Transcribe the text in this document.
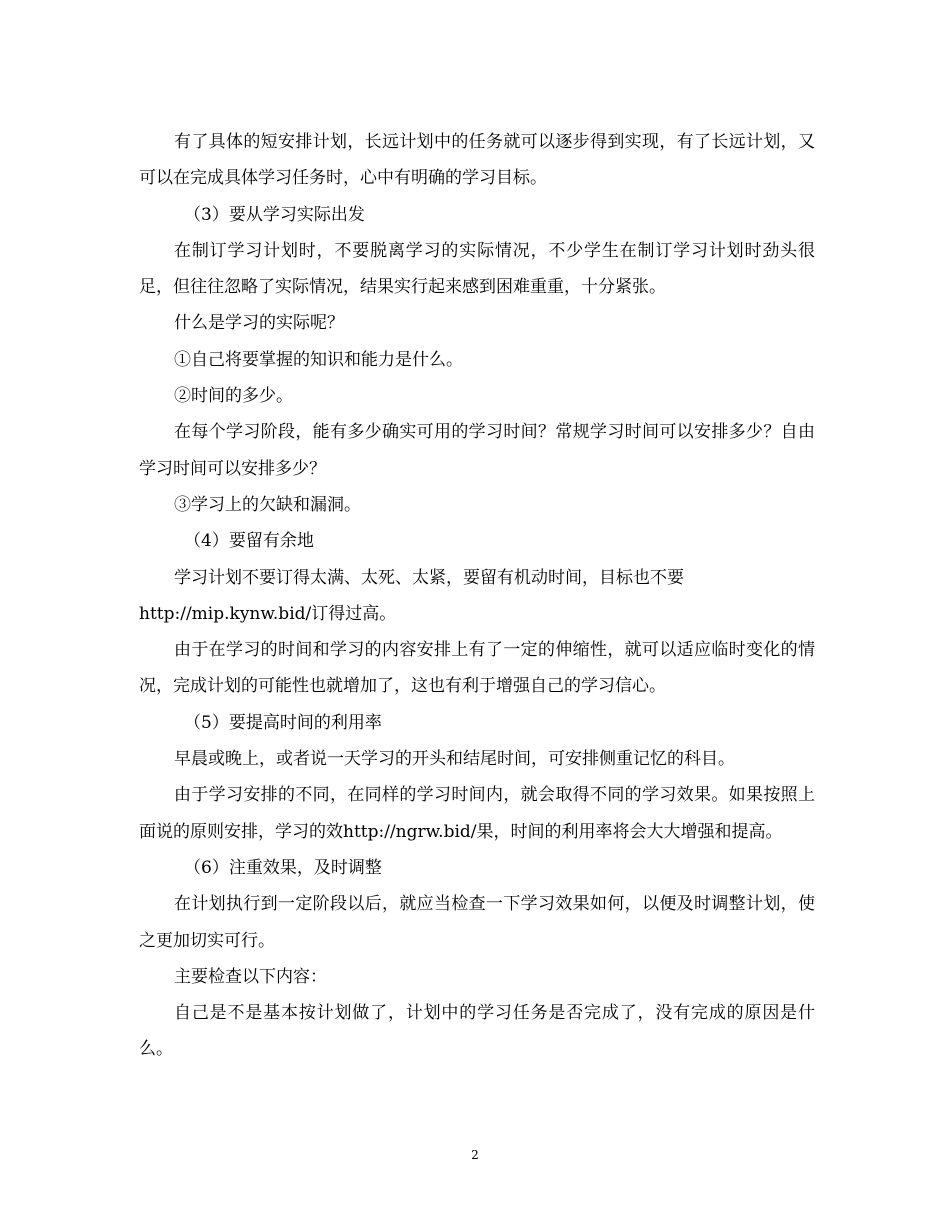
有了具体的短安排计划，长远计划中的任务就可以逐步得到实现，有了长远计划，又可以在完成具体学习任务时，心中有明确的学习目标。

（3）要从学习实际出发

在制订学习计划时，不要脱离学习的实际情况，不少学生在制订学习计划时劲头很足，但往往忽略了实际情况，结果实行起来感到困难重重，十分紧张。

什么是学习的实际呢？

①自己将要掌握的知识和能力是什么。

②时间的多少。

在每个学习阶段，能有多少确实可用的学习时间？常规学习时间可以安排多少？自由学习时间可以安排多少？

③学习上的欠缺和漏洞。

（4）要留有余地

学习计划不要订得太满、太死、太紧，要留有机动时间，目标也不要

http://mip.kynw.bid/订得过高。

由于在学习的时间和学习的内容安排上有了一定的伸缩性，就可以适应临时变化的情况，完成计划的可能性也就增加了，这也有利于增强自己的学习信心。

（5）要提高时间的利用率

早晨或晚上，或者说一天学习的开头和结尾时间，可安排侧重记忆的科目。

由于学习安排的不同，在同样的学习时间内，就会取得不同的学习效果。如果按照上面说的原则安排，学习的效http://ngrw.bid/果，时间的利用率将会大大增强和提高。

（6）注重效果，及时调整

在计划执行到一定阶段以后，就应当检查一下学习效果如何，以便及时调整计划，使之更加切实可行。

主要检查以下内容：

自己是不是基本按计划做了，计划中的学习任务是否完成了，没有完成的原因是什么。

2
